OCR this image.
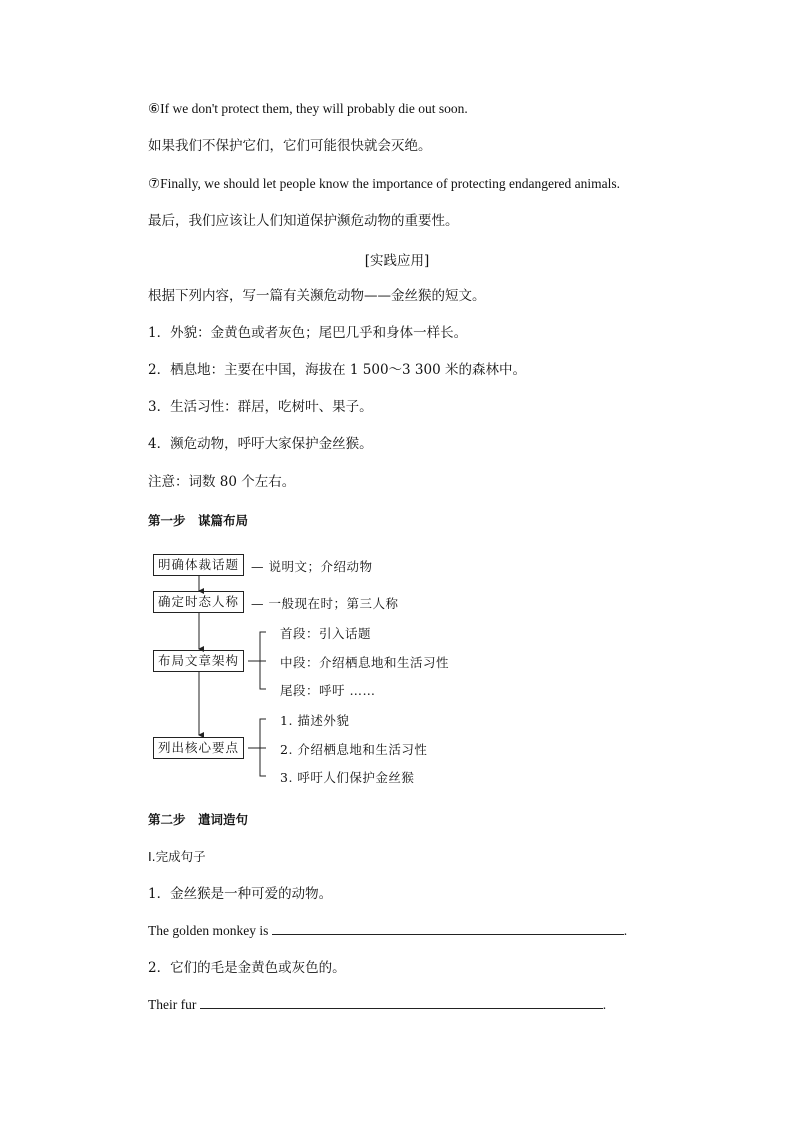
⑥If we don't protect them, they will probably die out soon.
如果我们不保护它们，它们可能很快就会灭绝。
⑦Finally, we should let people know the importance of protecting endangered animals.
最后，我们应该让人们知道保护濒危动物的重要性。
[实践应用]
根据下列内容，写一篇有关濒危动物——金丝猴的短文。
1．外貌：金黄色或者灰色；尾巴几乎和身体一样长。
2．栖息地：主要在中国，海拔在 1 500～3 300 米的森林中。
3．生活习性：群居，吃树叶、果子。
4．濒危动物，呼吁大家保护金丝猴。
注意：词数 80 个左右。
第一步　谋篇布局
明确体裁话题 — 说明文；介绍动物
确定时态人称 — 一般现在时；第三人称
布局文章架构
首段：引入话题
中段：介绍栖息地和生活习性
尾段：呼吁 ……
列出核心要点
1. 描述外貌
2. 介绍栖息地和生活习性
3. 呼吁人们保护金丝猴
第二步　遣词造句
Ⅰ.完成句子
1．金丝猴是一种可爱的动物。
The golden monkey is	.
2．它们的毛是金黄色或灰色的。
Their fur	.
